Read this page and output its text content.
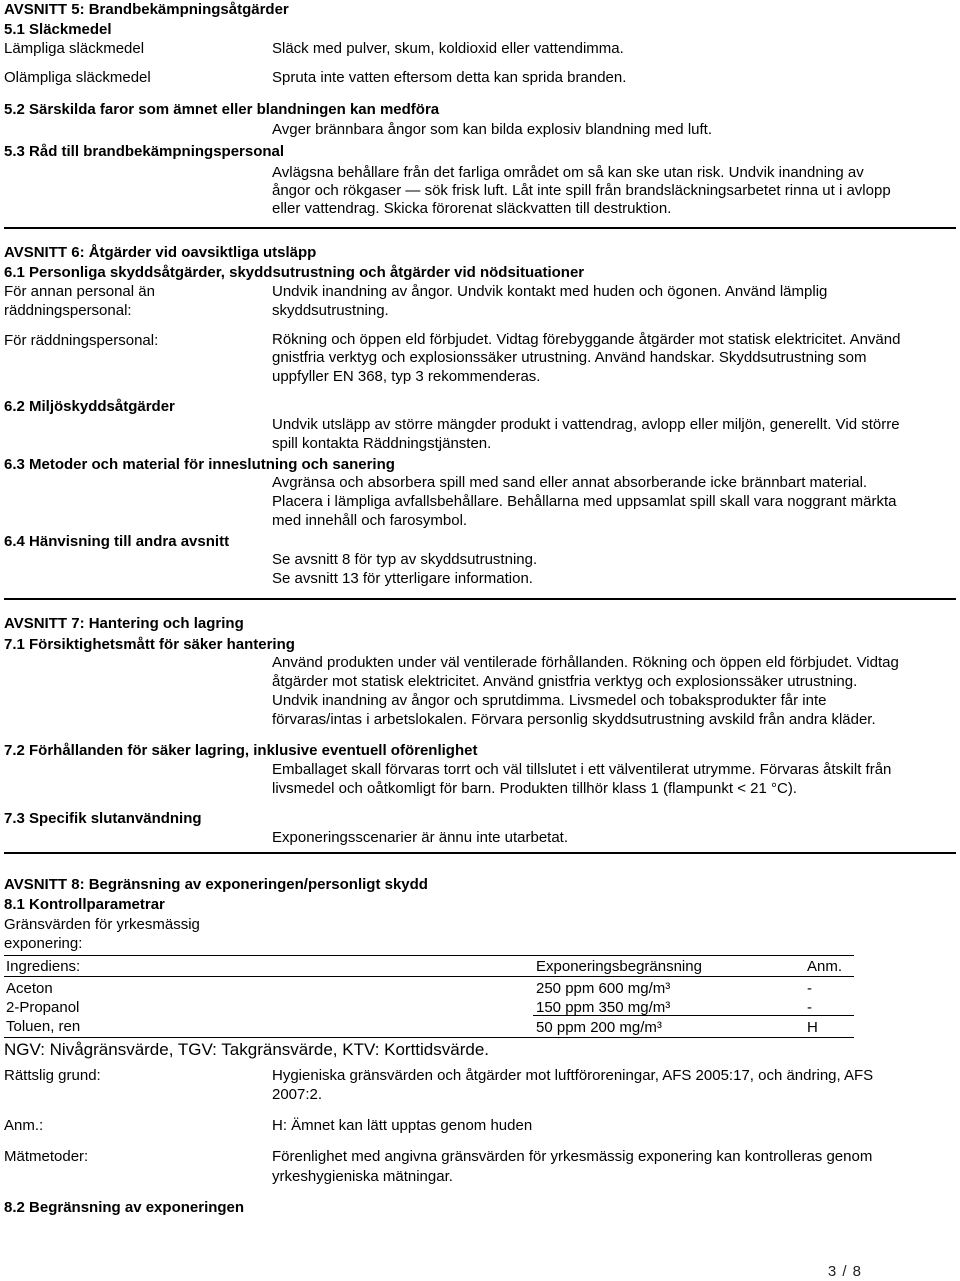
AVSNITT 5: Brandbekämpningsåtgärder
5.1 Släckmedel
Lämpliga släckmedel	Släck med pulver, skum, koldioxid eller vattendimma.
Olämpliga släckmedel	Spruta inte vatten eftersom detta kan sprida branden.
5.2 Särskilda faror som ämnet eller blandningen kan medföra
Avger brännbara ångor som kan bilda explosiv blandning med luft.
5.3 Råd till brandbekämpningspersonal
Avlägsna behållare från det farliga området om så kan ske utan risk. Undvik inandning av
ångor och rökgaser — sök frisk luft. Låt inte spill från brandsläckningsarbetet rinna ut i avlopp
eller vattendrag. Skicka förorenat släckvatten till destruktion.
AVSNITT 6: Åtgärder vid oavsiktliga utsläpp
6.1 Personliga skyddsåtgärder, skyddsutrustning och åtgärder vid nödsituationer
För annan personal än
räddningspersonal:
Undvik inandning av ångor. Undvik kontakt med huden och ögonen. Använd lämplig
skyddsutrustning.
För räddningspersonal:	Rökning och öppen eld förbjudet. Vidtag förebyggande åtgärder mot statisk elektricitet. Använd
gnistfria verktyg och explosionssäker utrustning. Använd handskar. Skyddsutrustning som
uppfyller EN 368, typ 3 rekommenderas.
6.2 Miljöskyddsåtgärder
Undvik utsläpp av större mängder produkt i vattendrag, avlopp eller miljön, generellt. Vid större
spill kontakta Räddningstjänsten.
6.3 Metoder och material för inneslutning och sanering
Avgränsa och absorbera spill med sand eller annat absorberande icke brännbart material.
Placera i lämpliga avfallsbehållare. Behållarna med uppsamlat spill skall vara noggrant märkta
med innehåll och farosymbol.
6.4 Hänvisning till andra avsnitt
Se avsnitt 8 för typ av skyddsutrustning.
Se avsnitt 13 för ytterligare information.
AVSNITT 7: Hantering och lagring
7.1 Försiktighetsmått för säker hantering
Använd produkten under väl ventilerade förhållanden. Rökning och öppen eld förbjudet. Vidtag
åtgärder mot statisk elektricitet. Använd gnistfria verktyg och explosionssäker utrustning.
Undvik inandning av ångor och sprutdimma. Livsmedel och tobaksprodukter får inte
förvaras/intas i arbetslokalen. Förvara personlig skyddsutrustning avskild från andra kläder.
7.2 Förhållanden för säker lagring, inklusive eventuell oförenlighet
Emballaget skall förvaras torrt och väl tillslutet i ett välventilerat utrymme. Förvaras åtskilt från
livsmedel och oåtkomligt för barn. Produkten tillhör klass 1 (flampunkt < 21 °C).
7.3 Specifik slutanvändning
Exponeringsscenarier är ännu inte utarbetat.
AVSNITT 8: Begränsning av exponeringen/personligt skydd
8.1 Kontrollparametrar
Gränsvärden för yrkesmässig
exponering:
Ingrediens:	Exponeringsbegränsning	Anm.
Aceton	250 ppm 600 mg/m³	-
2-Propanol	150 ppm 350 mg/m³	-
Toluen, ren	50 ppm 200 mg/m³	H
NGV: Nivågränsvärde, TGV: Takgränsvärde, KTV: Korttidsvärde.
Rättslig grund:	Hygieniska gränsvärden och åtgärder mot luftföroreningar, AFS 2005:17, och ändring, AFS
2007:2.
Anm.:	H: Ämnet kan lätt upptas genom huden
Mätmetoder:	Förenlighet med angivna gränsvärden för yrkesmässig exponering kan kontrolleras genom
yrkeshygieniska mätningar.
8.2 Begränsning av exponeringen
3 / 8
